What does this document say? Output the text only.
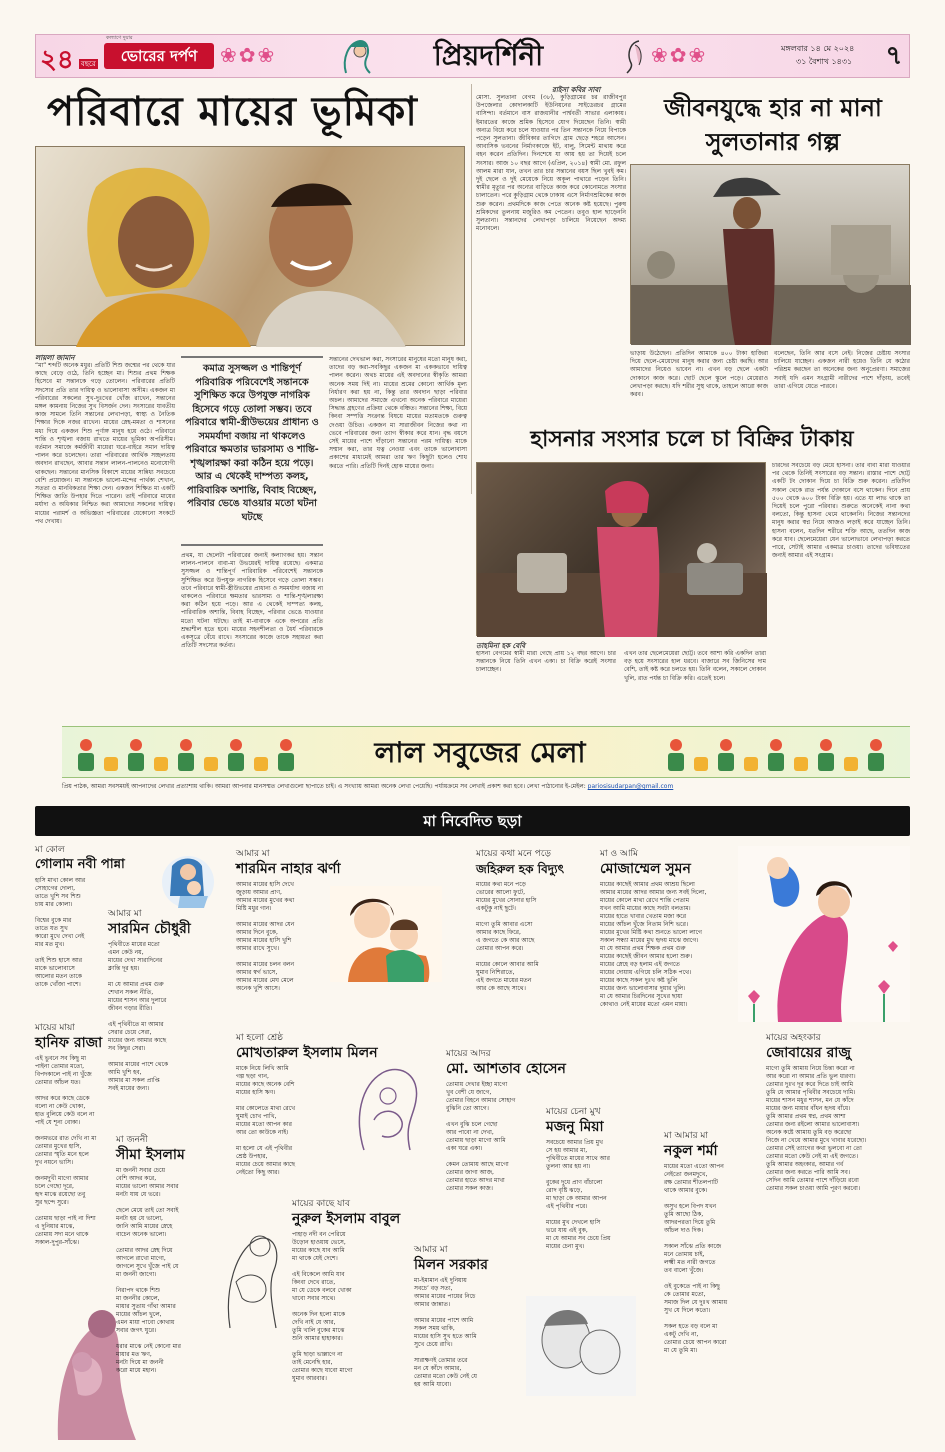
২৪ বছরে	ভোরের দর্পণ
কল্যাণে দুয়ার
❀✿❀	প্রিয়দর্শিনী	❀✿❀	মঙ্গলবার ১৪ মে ২০২৪
৩১ বৈশাখ ১৪৩১ ৭
পরিবারে মায়ের ভূমিকা
লায়লা জামান
“মা” শব্দটি অনেক মধুর। প্রতিটি শিশু জন্মের পর থেকে যার কাছে বেড়ে ওঠে, তিনি হচ্ছেন মা। শিশুর প্রথম শিক্ষক হিসেবে মা সন্তানকে গড়ে তোলেন। পরিবারের প্রতিটি সদস্যের প্রতি তার দায়িত্ব ও ভালোবাসা অসীম। একজন মা পরিবারের সকলের সুখ-দুঃখের খোঁজ রাখেন, সন্তানের মঙ্গল কামনায় নিজের সুখ বিসর্জন দেন। সংসারের যাবতীয় কাজ সামলে তিনি সন্তানের লেখাপড়া, স্বাস্থ্য ও নৈতিক শিক্ষার দিকে নজর রাখেন। মায়ের স্নেহ-মমতা ও শাসনের মধ্য দিয়ে একজন শিশু পূর্ণাঙ্গ মানুষ হয়ে ওঠে। পরিবারে শান্তি ও শৃঙ্খলা বজায় রাখতে মায়ের ভূমিকা অপরিসীম। বর্তমান সমাজে কর্মজীবী মায়েরা ঘরে-বাইরে সমান দায়িত্ব পালন করে চলেছেন। তারা পরিবারের আর্থিক সচ্ছলতায় অবদান রাখছেন, আবার সন্তান লালন-পালনেও মনোযোগী থাকছেন। সন্তানের মানসিক বিকাশে মায়ের সান্নিধ্য সবচেয়ে বেশি প্রয়োজন। মা সন্তানকে ভালো-মন্দের পার্থক্য শেখান, সততা ও মানবিকতার শিক্ষা দেন। একজন শিক্ষিত মা একটি শিক্ষিত জাতি উপহার দিতে পারেন। তাই পরিবারে মায়ের মর্যাদা ও অধিকার নিশ্চিত করা আমাদের সকলের দায়িত্ব। মায়ের পরামর্শ ও অভিজ্ঞতা পরিবারের যেকোনো সংকটে পথ দেখায়।
কমাত্র সুসজ্জল ও শান্তিপূর্ণ পরিবারিক পরিবেশেই সন্তানকে সুশিক্ষিত করে উপযুক্ত নাগরিক হিসেবে গড়ে তোলা সম্ভব। তবে পরিবারে স্বামী-স্ত্রীউভয়ের প্রাধান্য ও সমমর্যাদা বজায় না থাকলেও পরিবারে ক্ষমতার ভারসাম্য ও শান্তি-শৃঙ্খলারক্ষা করা কঠিন হয়ে পড়ে। আর এ থেকেই দাম্পত্য কলহ, পারিবারিক অশান্তি, বিবাহ বিচ্ছেদ, পরিবার ভেঙে যাওয়ার মতো ঘটনা ঘটছে
প্রথম, যা ছেলেটা পরিবারের জন্যই কল্যাণকর হয়। সন্তান লালন-পালনে বাবা-মা উভয়েরই দায়িত্ব রয়েছে। একমাত্র সুসজ্জল ও শান্তিপূর্ণ পারিবারিক পরিবেশেই সন্তানকে সুশিক্ষিত করে উপযুক্ত নাগরিক হিসেবে গড়ে তোলা সম্ভব। তবে পরিবারে স্বামী-স্ত্রীউভয়ের প্রাধান্য ও সমমর্যাদা বজায় না থাকলেও পরিবারে ক্ষমতার ভারসাম্য ও শান্তি-শৃঙ্খলারক্ষা করা কঠিন হয়ে পড়ে। আর এ থেকেই দাম্পত্য কলহ, পারিবারিক অশান্তি, বিবাহ বিচ্ছেদ, পরিবার ভেঙে যাওয়ার মতো ঘটনা ঘটছে। তাই মা-বাবাকে একে অপরের প্রতি শ্রদ্ধাশীল হতে হবে। মায়ের সহনশীলতা ও ধৈর্য পরিবারকে একসূত্রে বেঁধে রাখে। সংসারের কাজে তাকে সহায়তা করা প্রতিটি সদস্যের কর্তব্য।
সন্তানের দেখভাল করা, সংসারের মানুষের মতো মানুষ করা, তাদের বড় করা-সবকিছুর একজন মা এককভাবে দায়িত্ব পালন করেন। অথচ মায়ের এই অবদানের স্বীকৃতি আমরা অনেক সময় দিই না। মায়ের শ্রমের কোনো আর্থিক মূল্য নির্ধারণ করা হয় না, কিন্তু তার অবদান ছাড়া পরিবার অচল। আমাদের সমাজে এখনো অনেক পরিবারে মায়েরা সিদ্ধান্ত গ্রহণের প্রক্রিয়া থেকে বঞ্চিত। সন্তানের শিক্ষা, বিয়ে কিংবা সম্পত্তি সংক্রান্ত বিষয়ে মায়ের মতামতকে গুরুত্ব দেওয়া উচিত। একজন মা সারাজীবন নিজের কথা না ভেবে পরিবারের জন্য ত্যাগ স্বীকার করে যান। বৃদ্ধ বয়সে সেই মায়ের পাশে দাঁড়ানো সন্তানের পরম দায়িত্ব। মাকে সম্মান করা, তার যত্ন নেওয়া এবং তাকে ভালোবাসা প্রকাশের মাধ্যমেই আমরা তার ঋণ কিছুটা হলেও শোধ করতে পারি। প্রতিটি দিনই হোক মায়ের জন্য।
রাইসা কবির সাবা
মোসা. সুলতানা বেগম (৩৮), কুড়িগ্রামের চর রাজীবপুর উপজেলার কোদালকাটি ইউনিয়নের সাইডেরচর গ্রামের বাসিন্দা। বর্তমানে বাস রাজধানীর পার্শ্ববর্তী সাভার এলাকায়। ইমারতের কাজে শ্রমিক হিসেবে যোগ দিয়েছেন তিনি। স্বামী অন্যত্র বিয়ে করে চলে যাওয়ার পর তিন সন্তানকে নিয়ে বিপাকে পড়েন সুলতানা। জীবিকার তাগিদে গ্রাম ছেড়ে শহরে আসেন। আবাসিক ভবনের নির্মাণকাজে ইট, বালু, সিমেন্ট মাথায় করে বহন করেন প্রতিদিন। দিনশেষে যা আয় হয় তা দিয়েই চলে সংসার। আজ ১০ বছর আগে (এপ্রিল, ২০১৪) স্বামী মো. রফুল আলম মারা যান, তখন তার চার সন্তানের বয়স ছিল খুবই কম। দুই ছেলে ও দুই মেয়েকে নিয়ে অকূল পাথারে পড়েন তিনি। স্বামীর মৃত্যুর পর অন্যের বাড়িতে কাজ করে কোনোমতে সংসার চালাতেন। পরে কুড়িগ্রাম থেকে ঢাকায় এসে নির্মাণশ্রমিকের কাজ শুরু করেন। প্রথমদিকে কাজ পেতে অনেক কষ্ট হয়েছে। পুরুষ শ্রমিকদের তুলনায় মজুরিও কম পেতেন। তবুও হাল ছাড়েননি সুলতানা। সন্তানদের লেখাপড়া চালিয়ে নিয়েছেন অদম্য মনোবলে।
জীবনযুদ্ধে হার না মানা
সুলতানার গল্প
ভাড়ায় উঠেছেন। প্রতিদিন আমাকে ৪০০ টাকা হাজিরা দিয়ে ছেলে-মেয়েদের মানুষ করার জন্য চেষ্টা করছি। আর আমাদের নিয়েও ভাবেন না। এখন বড় ছেলে একটা দোকানে কাজ করে। ছোট ছেলে স্কুলে পড়ে। মেয়েরাও লেখাপড়া করছে। যদি শরীর সুস্থ থাকে, তাহলে আরো কাজ করব।
বলেছেন, তিনি আর বসে নেই। নিজের চেষ্টায় সংসার চালিয়ে যাচ্ছেন। একজন নারী হয়েও তিনি যে কঠোর পরিশ্রম করছেন তা অনেকের জন্য অনুপ্রেরণা। সমাজের সবাই যদি এমন সংগ্রামী নারীদের পাশে দাঁড়ায়, তবেই তারা এগিয়ে যেতে পারবে।
হাসনার সংসার চলে চা বিক্রির টাকায়
তাহমিনা হক বেবি
হাসনা বেগমের স্বামী মারা গেছে প্রায় ১২ বছর আগে। চার সন্তানকে নিয়ে তিনি এখন একা। চা বিক্রি করেই সংসার চালাচ্ছেন।
এখন তার ছেলেমেয়েরা ছোট্ট। তবে আশা করি একদিন তারা বড় হয়ে সংসারের হাল ধরবে। বাজারে সব জিনিসের দাম বেশি, তাই কষ্ট করে চলতে হয়। তিনি বলেন, সকালে দোকান খুলি, রাত পর্যন্ত চা বিক্রি করি। এতেই চলে।
চারদের সবচেয়ে বড় মেয়ে হাসনা। তার বাবা মারা যাওয়ার পর থেকে তিনিই সংসারের বড় সন্তান। রাস্তার পাশে ছোট্ট একটি টং দোকান দিয়ে চা বিক্রি শুরু করেন। প্রতিদিন সকাল থেকে রাত পর্যন্ত দোকানে বসে থাকেন। দিনে প্রায় ৫০০ থেকে ৬০০ টাকা বিক্রি হয়। এতে যা লাভ থাকে তা দিয়েই চলে পুরো পরিবার। শুরুতে অনেকেই নানা কথা বলতো, কিন্তু হাসনা থেমে থাকেননি। নিজের সন্তানদের মানুষ করার স্বপ্ন নিয়ে আজও লড়াই করে যাচ্ছেন তিনি। হাসনা বলেন, যতদিন শরীরে শক্তি আছে, ততদিন কাজ করে যাব। ছেলেমেয়েরা যেন ভালোভাবে লেখাপড়া করতে পারে, সেটাই আমার একমাত্র চাওয়া। তাদের ভবিষ্যতের জন্যই আমার এই সংগ্রাম।
লাল সবুজের মেলা
প্রিয় পাঠক, আমরা সবসময়ই আপনাদের লেখার প্রত্যাশায় থাকি। আমরা আপনার মানসম্মত লেখাগুলো ছাপাতে চাই। এ সংখ্যায় আমরা অনেক লেখা পেয়েছি। পর্যায়ক্রমে সব লেখাই প্রকাশ করা হবে। লেখা পাঠানোর ই-মেইল: pariosisudarpan@gmail.com
মা নিবেদিত ছড়া
মা কোল
গোলাম নবী পান্না
হাসি মাখা কোল আর
সোহাগের দোলা,
তাতে খুশি সব শিশু
চায় মার কোলা।

বিশ্বের বুকে মার
তাতে যত সুখ
কারো মুখে দেখা নেই
মার মত মুখ।

তাই শিশু হাসে আর
মাকে ভালোবাসে
আলোর মতন তাকে
তাকে খোঁজা পাশে।
মায়ের মায়া
হানিফ রাজা
এই ভুবনে সব কিছু মা
পাইনা তোমার মতো,
বিপদকালে পাই না খুঁজে
তোমার আঁচল যত।

আদর করে কাছে ডেকে
বলো না কেউ খোকা,
হাত বুলিয়ে কেউ বলে না
পাই যে শূন্য বোকা।

জনমভরে রাত দেখি না মা
তোমার মুখের হাসি,
তোমার স্মৃতি মনে হলে
দুখ নয়নে ভাসি।

জনমদুখী মাগো আমার
চলে গেছো দূরে,
হৃদ মাঝে রয়েছো তবু
সুর ছন্দে সুরে।

তোমায় ছাড়া পাই না দিশা
এ দুনিয়ার মাঝে,
তোমায় সদা মনে থাকে
সকাল-দুপুর-সাঁঝে।
আমার মা
সারমিন চৌধুরী
পৃথিবীতে মায়ের মতো
এমন কেউ নয়,
মায়ের দেখা সারাদিনের
ক্লান্তি দূর হয়।

মা যে আমার প্রথম গুরু
শেখান সকল নীতি,
মায়ের শাসন আর দুলারে
জীবন গড়ার রীতি।

এই পৃথিবীতে মা আমার
সেরার চেয়ে সেরা,
মায়ের জন্য আমার কাছে
সব কিছুর সেরা।

আমার মায়ের পাশে থেকে
আমি খুশি হব,
আমার মা সকল প্রাপ্তি
সবই মায়ের জন্য।
মা জননী
সীমা ইসলাম
মা জননী সবার চেয়ে
বেশি আদর করে,
মায়ের ভালো আমার সবার
মনটা যায় যে ভরে।

ছেলে মেয়ে তাই তো সবাই
মনটা হয় যে ভালো,
জানি আমি মায়ের স্নেহে
বাচেন অনেক ভালো।

তোমার আদর স্নেহ দিয়ে
আগলে রাখো মাগো,
জাগলে সুখে খুঁজে পাই যে
মা জননী জাগো।

নিরাপদ থাকে শিশু
মা জননীর কোলে,
মায়ার সুতায় গাঁথা আমার
মায়ের আঁচল খুলে,
এমন মায়া পাবো কোথায়
সবার জগৎ ঘুরে।

ধরার মাঝে নেই কোনো মার
মায়ার মত ঋণ,
মনটা দিয়ে মা জননী
করো মায়ে মহান।
আমার মা
শারমিন নাহার ঝর্ণা
আমার মায়ের হাসি দেখে
জুড়ায় আমার প্রাণ,
আমার মায়ের মুখের কথা
মিষ্টি মধুর গান।

আমার মায়ের আদর যেন
আমার দিনে বুকে,
আমার মায়ের হাসি খুশি
আমার রাখে সুখে।

আমার মায়ের চলন বলন
আমার স্বর্গ ভাসে,
আমার মায়ের মেঘ মেলে
অনেক খুশি আসে।
মা হলো শ্রেষ্ঠ
মোখতারুল ইসলাম মিলন
মাকে নিয়ে লিখি আমি
গল্প ছড়া গান,
মায়ের কাছে অনেক বেশি
মায়ের হাসি ঋণ।

মার কোলেতে মাথা রেখে
ঘুমাই চোখ পাখি,
মায়ের মতো আপন কার
আর তো কাউকে নাই।

মা হলো যে এই পৃথিবীর
শ্রেষ্ঠ উপহার,
মায়ের চেয়ে আমার কাছে
নেইতো কিছু আর।
মায়ের কাছে যাব
নুরুল ইসলাম বাবুল
পাহাড় নদী বন পেরিয়ে
উড়োন হাওয়ায় ভেসে,
মায়ের কাছে যাব আমি
মা থাকে যেই দেশে।

এই বিকেলে আমি যাব
কিংবা দেখে রাতে,
মা যে ডেকে বলবে খোকা
খাবো সবার সাথে।

অনেক দিন হলো মাকে
দেখি নাই যে আর,
তুমি খালি বুকের মাঝে
শুনি আমার হাহাকার।

তুমি ছাড়া ভাল্লাগে না
তাই মেনেছি হার,
তোমার কাছে যাবো মাগো
ঘুমাব আরবার।
মায়ের আদর
মো. আশতাব হোসেন
তোমায় দেখার ইচ্ছা মাগো
খুব বেশী যে জাগে,
তোমার বিহনে আমার সোহাগ
বুঝিনি তো আগে।

এখন বুঝি চলে গেছো
আর পাবো না দেখা,
তোমায় ছাড়া মাগো আমি
একা ঘরে একা।

কেমন তোমায় আছে মাগো
তোমার জাগা আজ,
তোমার হাতে আদর মাখা
তোমার সকল কাজ।
মায়ের কথা মনে পড়ে
জহিরুল হক বিদ্যুৎ
মায়ের কথা মনে পড়ে
ভোরের আলো ফুটে,
মায়ের মুখের সোনার হাসি
একটুকু নাই ছুটে।

মাগো তুমি আবার এসো
আমার কাছে ফিরে,
এ জগতে কে আর আছে
তোমার আপন করে।

মায়ের কোলে আবার আমি
ঘুমাব নিশিরাতে,
এই জগতে মায়ের মতন
আর কে আছে সাথে।
মায়ের চেনা মুখ
মজনু মিয়া
সবচেয়ে আমার প্রিয় মুখ
সে হয় আমার মা,
পৃথিবীতে মায়ের সাথে আর
তুলনা আর হয় না।

বুকের দুধে প্রাণ বাঁচালো
রোদ বৃষ্টি ঝড়ে,
মা ছাড়া কে আমার আপন
এই পৃথিবীর পরে।

মায়ের মুখ দেখলে হাসি
ভরে যায় এই বুক,
মা যে আমার সব চেয়ে প্রিয়
মায়ের চেনা মুখ।
আমার মা
মিলন সরকার
মা-ইমামান এই দুনিয়ায়
সবচে’ বড় সত্য,
আমার মায়ের পায়ের নিচে
আমার জান্নাত।

আমার মায়ের পাশে আমি
সকল সময় থাকি,
মায়ের হাসি সুখ হতে আমি
সুখে চেয়ে রাখি।

সারাক্ষণই তোমার তরে
মন যে কাঁদে আমার,
তোমার মতো কেউ নেই যে
হয় আমি যাবো।
মা ও আমি
মোজাম্মেল সুমন
মায়ের কাছেই আমার প্রথম আশ্রয় ছিলো
আমার মায়ের আদর আমার জন্য সবই দিলো,
মায়ের কোলে মাথা রেখে শান্তি পেতাম
যখন আমি মায়ের কাছে সবটা বলতাম।
মায়ের হাতে খাবার খেতাম মজা করে
মায়ের আঁচল খুঁজে নিতাম নিশি ভরে।
মায়ের মুখের মিষ্টি কথা শুনতে ভালো লাগে
সকাল সন্ধ্যা মায়ের মুখ হৃদয় মাঝে জাগে।
মা যে আমার প্রথম শিক্ষক প্রথম গুরু
মায়ের কাছেই জীবন আমার হলো শুরু।
মায়ের স্নেহে বড় হলাম এই জগতে
মায়ের দোয়ায় এগিয়ে চলি সঠিক পথে।
মায়ের কাছে সকল দুঃখ কষ্ট ভুলি
মায়ের জন্য ভালোবাসার দুয়ার খুলি।
মা যে আমার চিরদিনের সুখের ছায়া
কোথাও নেই মায়ের মতো এমন মায়া।
মা আমার মা
নকুল শর্মা
মায়ের মতো এতো আপন
নেইতো জনমদুখে,
রক্ষ তোমার শীতলপাটি
থাকে আমার বুকে।

অসুখ হলে বিপদ যখন
তুমি আছো ঠিক,
আদরপরতা দিয়ে তুমি
আঁচল দাও দিক।

সকাল সাঁঝে প্রতি কাজে
মনে তোমায় চাই,
লক্ষ্মী মত নারী জগতে
তব বালো খুঁজে।

ওই বুকেতে পাই না কিছু
কে তোমার মতো,
সমাজ দিল যে দুঃখ আমায়
সুখ যে দিলে কতো।

সকল হতে বড় বলে মা
একটু দেখি না,
তোমার চেয়ে আপন কারো
মা যে তুমি মা।
মায়ের অহংকার
জোবায়ের রাজু
মাগো তুমি আমায় নিয়ে চিন্তা করো না
আর করো না আমার প্রতি ভুল ধারণা।
তোমার দুঃখ দূর করে দিতে চাই আমি
তুমি যে আমার পৃথিবীর সবচেয়ে দামি।
মায়ের শাসন মধুর শাসন, মন যে কাঁদে
মায়ের জন্য মায়ার বাঁধন হৃদয় বাঁধে।
তুমি আমার প্রথম স্বপ্ন, প্রথম আশা
তোমার জন্য রইলো আমার ভালোবাসা।
অনেক কষ্টে আমায় তুমি বড় করেছো
নিজে না খেয়ে আমার মুখে খাবার ধরেছো।
তোমার সেই ত্যাগের কথা ভুলবো না তো
তোমার মতো কেউ নেই মা এই জগতে।
তুমি আমার অহংকার, আমার গর্ব
তোমার জন্য করতে পারি আমি সব।
সেদিন আমি তোমার পাশে দাঁড়িয়ে রবো
তোমার সকল চাওয়া আমি পূরণ করবো।
